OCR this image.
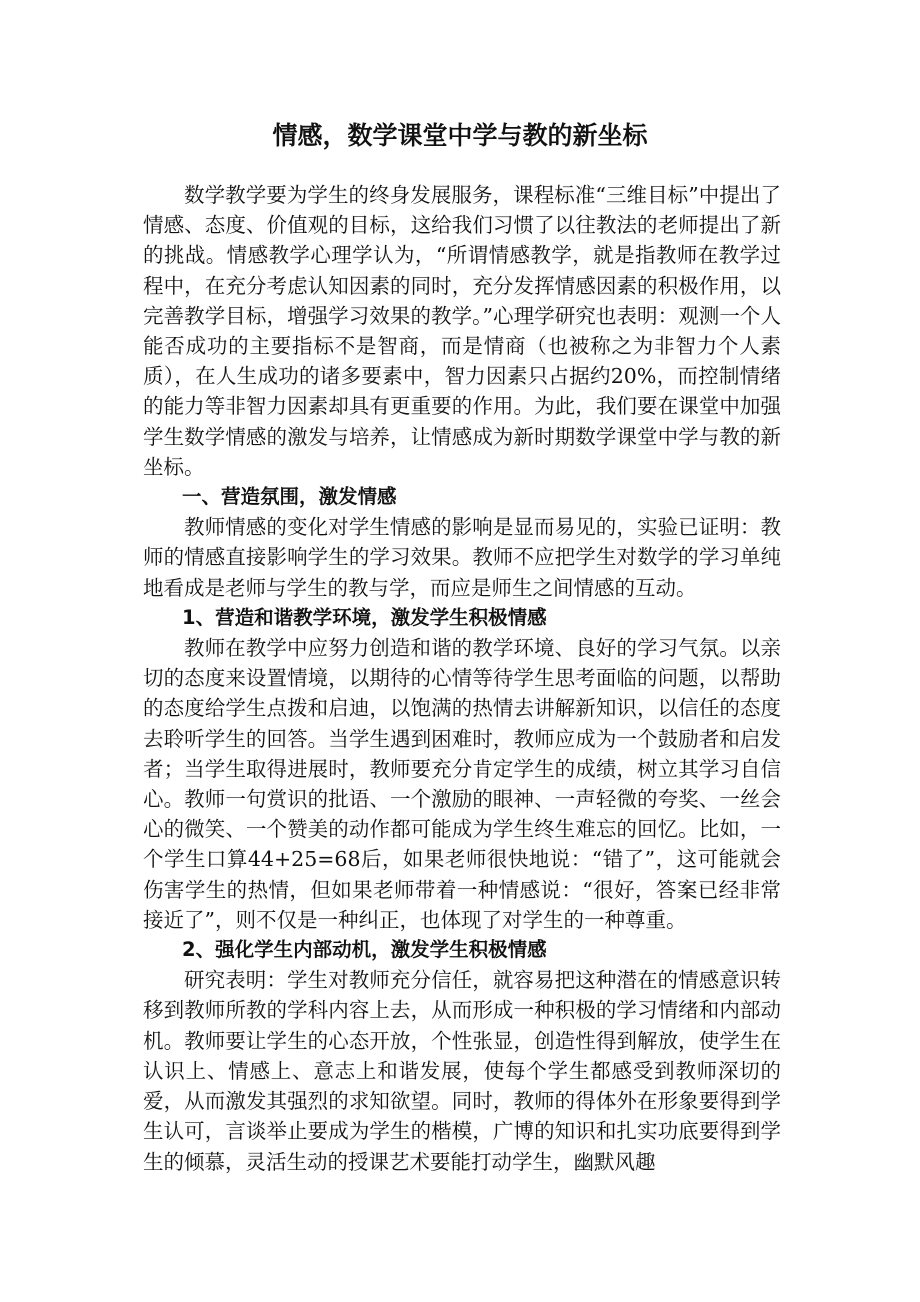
情感，数学课堂中学与教的新坐标

数学教学要为学生的终身发展服务，课程标准“三维目标”中提出了情感、态度、价值观的目标，这给我们习惯了以往教法的老师提出了新的挑战。情感教学心理学认为，“所谓情感教学，就是指教师在教学过程中，在充分考虑认知因素的同时，充分发挥情感因素的积极作用，以完善教学目标，增强学习效果的教学。”心理学研究也表明：观测一个人能否成功的主要指标不是智商，而是情商（也被称之为非智力个人素质），在人生成功的诸多要素中，智力因素只占据约20%，而控制情绪的能力等非智力因素却具有更重要的作用。为此，我们要在课堂中加强学生数学情感的激发与培养，让情感成为新时期数学课堂中学与教的新坐标。

一、营造氛围，激发情感

教师情感的变化对学生情感的影响是显而易见的，实验已证明：教师的情感直接影响学生的学习效果。教师不应把学生对数学的学习单纯地看成是老师与学生的教与学，而应是师生之间情感的互动。

1、营造和谐教学环境，激发学生积极情感

教师在教学中应努力创造和谐的教学环境、良好的学习气氛。以亲切的态度来设置情境，以期待的心情等待学生思考面临的问题，以帮助的态度给学生点拨和启迪，以饱满的热情去讲解新知识，以信任的态度去聆听学生的回答。当学生遇到困难时，教师应成为一个鼓励者和启发者；当学生取得进展时，教师要充分肯定学生的成绩，树立其学习自信心。教师一句赏识的批语、一个激励的眼神、一声轻微的夸奖、一丝会心的微笑、一个赞美的动作都可能成为学生终生难忘的回忆。比如，一个学生口算44+25=68后，如果老师很快地说：“错了”，这可能就会伤害学生的热情，但如果老师带着一种情感说：“很好，答案已经非常接近了”，则不仅是一种纠正，也体现了对学生的一种尊重。

2、强化学生内部动机，激发学生积极情感

研究表明：学生对教师充分信任，就容易把这种潜在的情感意识转移到教师所教的学科内容上去，从而形成一种积极的学习情绪和内部动机。教师要让学生的心态开放，个性张显，创造性得到解放，使学生在认识上、情感上、意志上和谐发展，使每个学生都感受到教师深切的爱，从而激发其强烈的求知欲望。同时，教师的得体外在形象要得到学生认可，言谈举止要成为学生的楷模，广博的知识和扎实功底要得到学生的倾慕，灵活生动的授课艺术要能打动学生，幽默风趣
